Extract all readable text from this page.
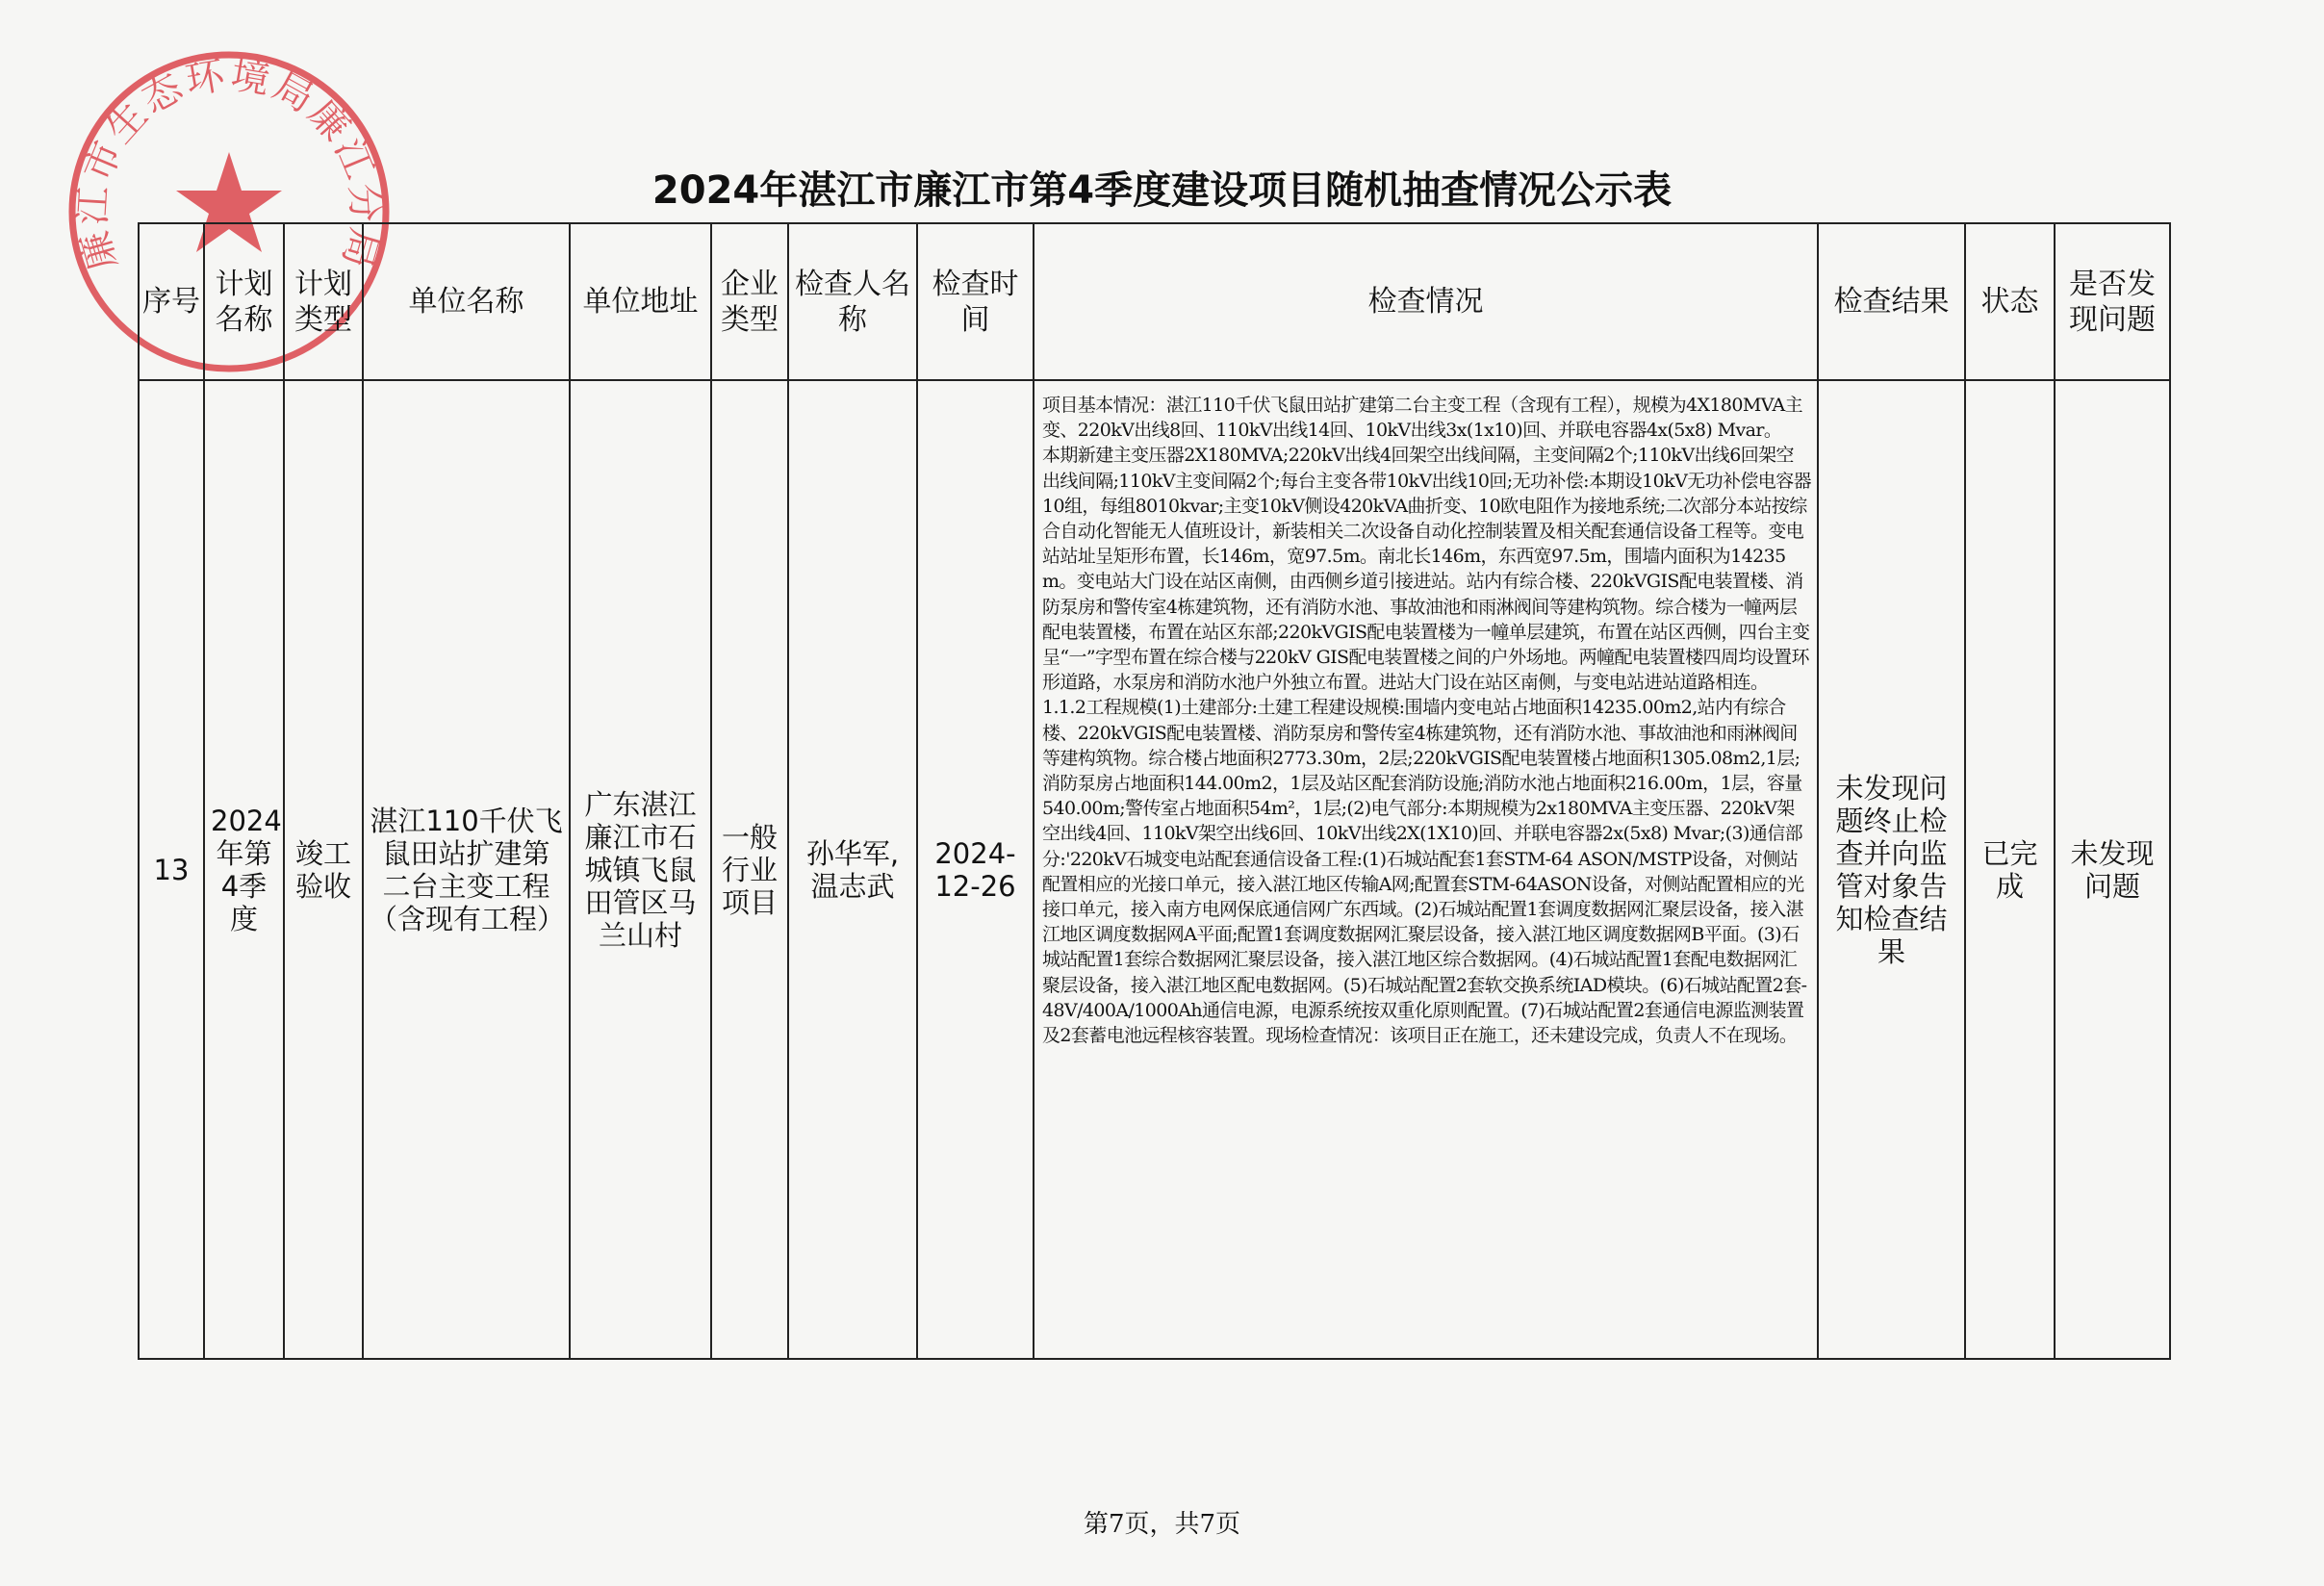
廉江市生态环境局廉江分局
2024年湛江市廉江市第4季度建设项目随机抽查情况公示表
序号	计划名称	计划类型	单位名称	单位地址	企业类型	检查人名称	检查时间	检查情况	检查结果	状态	是否发现问题
13	2024年第4季度	竣工验收	湛江110千伏飞鼠田站扩建第二台主变工程（含现有工程）	广东湛江廉江市石城镇飞鼠田管区马兰山村	一般行业项目	孙华军,温志武	2024-12-26	项目基本情况：湛江110千伏飞鼠田站扩建第二台主变工程（含现有工程），规模为4X180MVA主变、220kV出线8回、110kV出线14回、10kV出线3x(1x10)回、并联电容器4x(5x8) Mvar。
本期新建主变压器2X180MVA;220kV出线4回架空出线间隔，主变间隔2个;110kV出线6回架空出线间隔;110kV主变间隔2个;每台主变各带10kV出线10回;无功补偿:本期设10kV无功补偿电容器10组，每组8010kvar;主变10kV侧设420kVA曲折变、10欧电阻作为接地系统;二次部分本站按综合自动化智能无人值班设计，新装相关二次设备自动化控制装置及相关配套通信设备工程等。变电站站址呈矩形布置，长146m，宽97.5m。南北长146m，东西宽97.5m，围墙内面积为14235m。变电站大门设在站区南侧，由西侧乡道引接进站。站内有综合楼、220kVGIS配电装置楼、消防泵房和警传室4栋建筑物，还有消防水池、事故油池和雨淋阀间等建构筑物。综合楼为一幢两层配电装置楼，布置在站区东部;220kVGIS配电装置楼为一幢单层建筑，布置在站区西侧，四台主变呈“一”字型布置在综合楼与220kV GIS配电装置楼之间的户外场地。两幢配电装置楼四周均设置环形道路，水泵房和消防水池户外独立布置。进站大门设在站区南侧，与变电站进站道路相连。
1.1.2工程规模(1)土建部分:土建工程建设规模:围墙内变电站占地面积14235.00m2,站内有综合楼、220kVGIS配电装置楼、消防泵房和警传室4栋建筑物，还有消防水池、事故油池和雨淋阀间等建构筑物。综合楼占地面积2773.30m，2层;220kVGIS配电装置楼占地面积1305.08m2,1层;消防泵房占地面积144.00m2，1层及站区配套消防设施;消防水池占地面积216.00m，1层，容量540.00m;警传室占地面积54m²，1层;(2)电气部分:本期规模为2x180MVA主变压器、220kV架空出线4回、110kV架空出线6回、10kV出线2X(1X10)回、并联电容器2x(5x8) Mvar;(3)通信部分:'220kV石城变电站配套通信设备工程:(1)石城站配套1套STM-64 ASON/MSTP设备，对侧站配置相应的光接口单元，接入湛江地区传输A网;配置套STM-64ASON设备，对侧站配置相应的光接口单元，接入南方电网保底通信网广东西域。(2)石城站配置1套调度数据网汇聚层设备，接入湛江地区调度数据网A平面;配置1套调度数据网汇聚层设备，接入湛江地区调度数据网B平面。(3)石城站配置1套综合数据网汇聚层设备，接入湛江地区综合数据网。(4)石城站配置1套配电数据网汇聚层设备，接入湛江地区配电数据网。(5)石城站配置2套软交换系统IAD模块。(6)石城站配置2套-48V/400A/1000Ah通信电源，电源系统按双重化原则配置。(7)石城站配置2套通信电源监测装置及2套蓄电池远程核容装置。现场检查情况：该项目正在施工，还未建设完成，负责人不在现场。	未发现问题终止检查并向监管对象告知检查结果	已完成	未发现问题
第7页，共7页
